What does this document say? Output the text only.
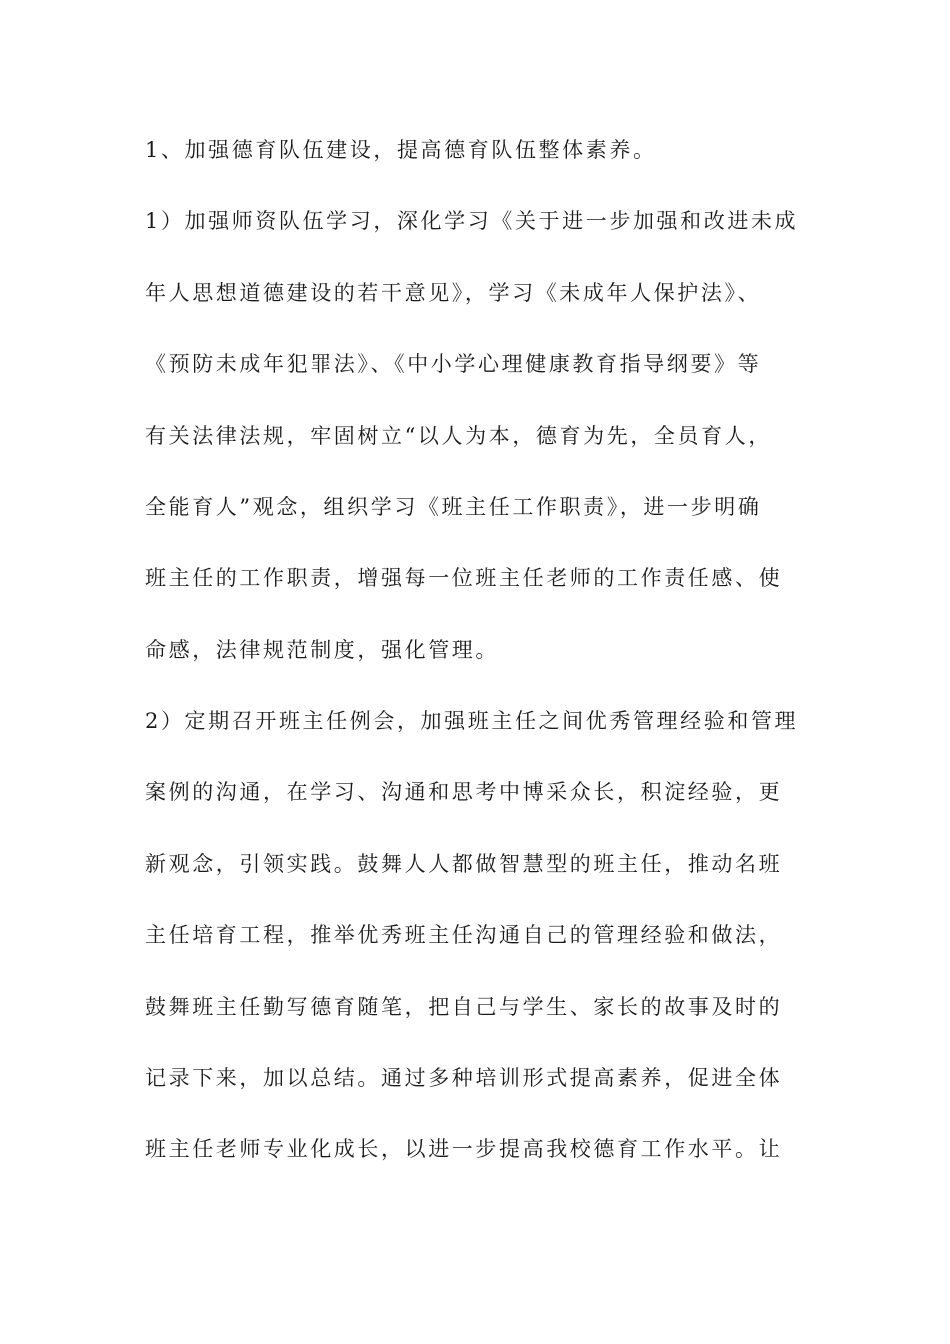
1、加强德育队伍建设，提高德育队伍整体素养。
1）加强师资队伍学习，深化学习《关于进一步加强和改进未成
年人思想道德建设的若干意见》，学习《未成年人保护法》、
《预防未成年犯罪法》、《中小学心理健康教育指导纲要》等
有关法律法规，牢固树立“以人为本，德育为先，全员育人，
全能育人”观念，组织学习《班主任工作职责》，进一步明确
班主任的工作职责，增强每一位班主任老师的工作责任感、使
命感，法律规范制度，强化管理。
2）定期召开班主任例会，加强班主任之间优秀管理经验和管理
案例的沟通，在学习、沟通和思考中博采众长，积淀经验，更
新观念，引领实践。鼓舞人人都做智慧型的班主任，推动名班
主任培育工程，推举优秀班主任沟通自己的管理经验和做法，
鼓舞班主任勤写德育随笔，把自己与学生、家长的故事及时的
记录下来，加以总结。通过多种培训形式提高素养，促进全体
班主任老师专业化成长，以进一步提高我校德育工作水平。让
